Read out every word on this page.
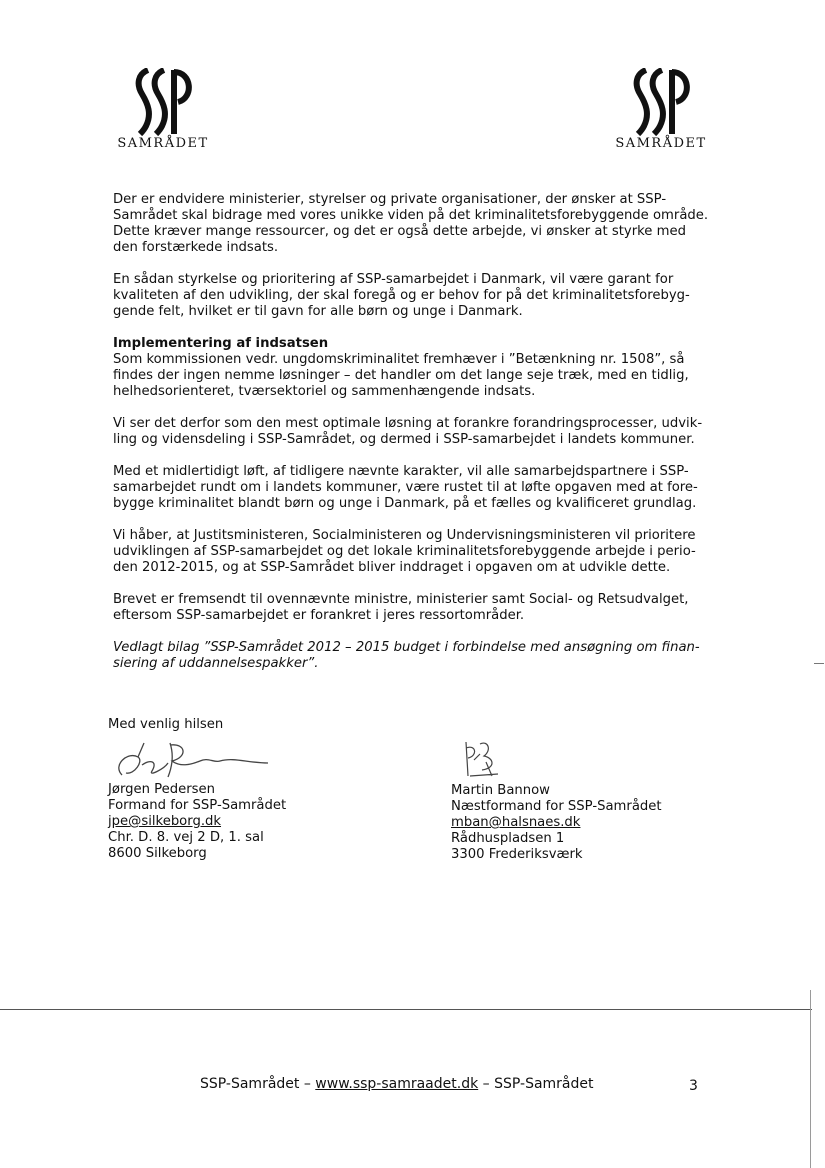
SAMRÅDET	SAMRÅDET

Der er endvidere ministerier, styrelser og private organisationer, der ønsker at SSP-Samrådet skal bidrage med vores unikke viden på det kriminalitetsforebyggende område. Dette kræver mange ressourcer, og det er også dette arbejde, vi ønsker at styrke med den forstærkede indsats.

En sådan styrkelse og prioritering af SSP-samarbejdet i Danmark, vil være garant for kvaliteten af den udvikling, der skal foregå og er behov for på det kriminalitetsforebyg-gende felt, hvilket er til gavn for alle børn og unge i Danmark.

Implementering af indsatsen

Som kommissionen vedr. ungdomskriminalitet fremhæver i ”Betænkning nr. 1508”, så findes der ingen nemme løsninger – det handler om det lange seje træk, med en tidlig, helhedsorienteret, tværsektoriel og sammenhængende indsats.

Vi ser det derfor som den mest optimale løsning at forankre forandringsprocesser, udvik-ling og vidensdeling i SSP-Samrådet, og dermed i SSP-samarbejdet i landets kommuner.

Med et midlertidigt løft, af tidligere nævnte karakter, vil alle samarbejdspartnere i SSP-samarbejdet rundt om i landets kommuner, være rustet til at løfte opgaven med at fore-bygge kriminalitet blandt børn og unge i Danmark, på et fælles og kvalificeret grundlag.

Vi håber, at Justitsministeren, Socialministeren og Undervisningsministeren vil prioritere udviklingen af SSP-samarbejdet og det lokale kriminalitetsforebyggende arbejde i perio-den 2012-2015, og at SSP-Samrådet bliver inddraget i opgaven om at udvikle dette.

Brevet er fremsendt til ovennævnte ministre, ministerier samt Social- og Retsudvalget, eftersom SSP-samarbejdet er forankret i jeres ressortområder.

Vedlagt bilag ”SSP-Samrådet 2012 – 2015 budget i forbindelse med ansøgning om finan-siering af uddannelsespakker”.

Med venlig hilsen
Jørgen Pedersen
Formand for SSP-Samrådet
jpe@silkeborg.dk
Chr. D. 8. vej 2 D, 1. sal
8600 Silkeborg
Martin Bannow
Næstformand for SSP-Samrådet
mban@halsnaes.dk
Rådhuspladsen 1
3300 Frederiksværk
SSP-Samrådet – www.ssp-samraadet.dk – SSP-Samrådet	3
